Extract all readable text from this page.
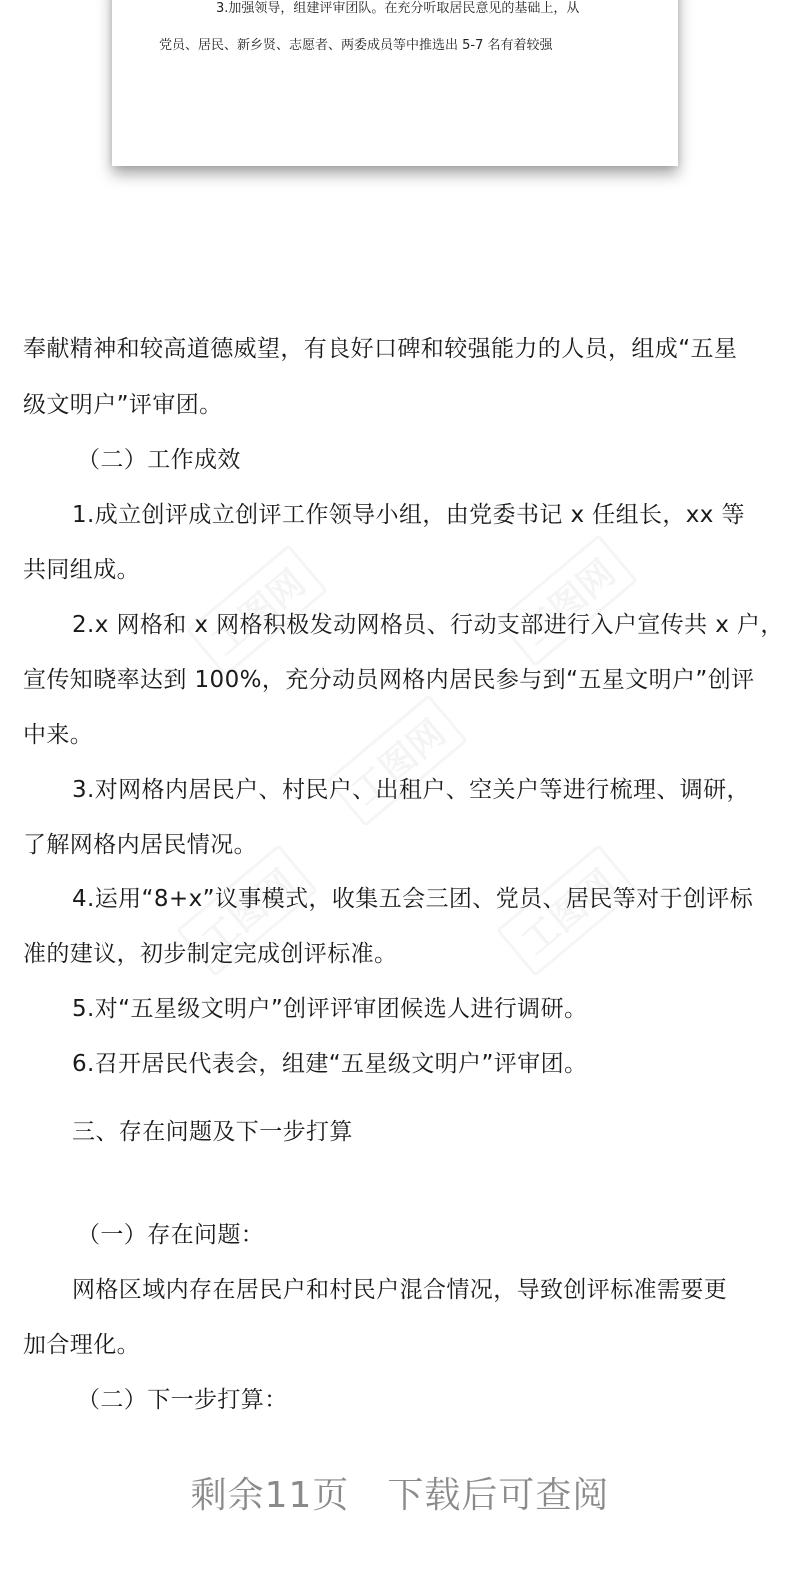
3.加强领导，组建评审团队。在充分听取居民意见的基础上，从
党员、居民、新乡贤、志愿者、两委成员等中推选出 5-7 名有着较强
奉献精神和较高道德威望，有良好口碑和较强能力的人员，组成“五星
级文明户”评审团。
（二）工作成效
1.成立创评成立创评工作领导小组，由党委书记 x 任组长，xx 等
共同组成。
2.x 网格和 x 网格积极发动网格员、行动支部进行入户宣传共 x 户，
宣传知晓率达到 100%，充分动员网格内居民参与到“五星文明户”创评
中来。
3.对网格内居民户、村民户、出租户、空关户等进行梳理、调研，
了解网格内居民情况。
4.运用“8+x”议事模式，收集五会三团、党员、居民等对于创评标
准的建议，初步制定完成创评标准。
5.对“五星级文明户”创评评审团候选人进行调研。
6.召开居民代表会，组建“五星级文明户”评审团。
三、存在问题及下一步打算
（一）存在问题：
网格区域内存在居民户和村民户混合情况，导致创评标准需要更
加合理化。
（二）下一步打算：
剩余11页 下载后可查阅
